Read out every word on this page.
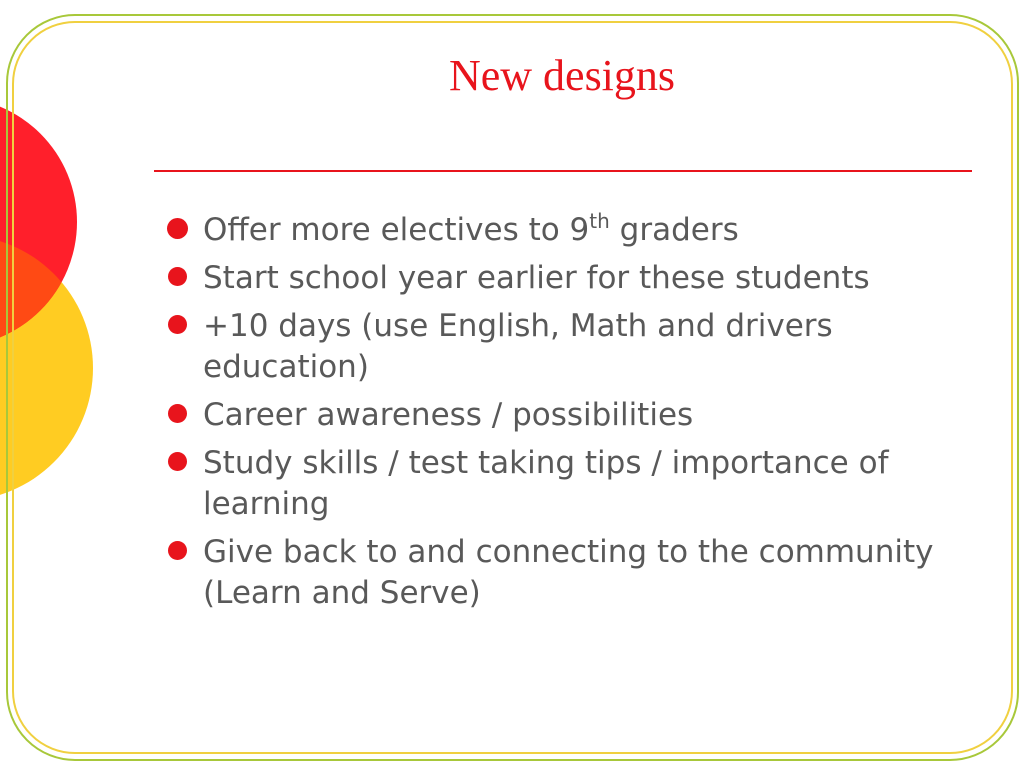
New designs
Offer more electives to 9th graders
Start school year earlier for these students
+10 days (use English, Math and drivers education)
Career awareness / possibilities
Study skills / test taking tips / importance of learning
Give back to and connecting to the community (Learn and Serve)
